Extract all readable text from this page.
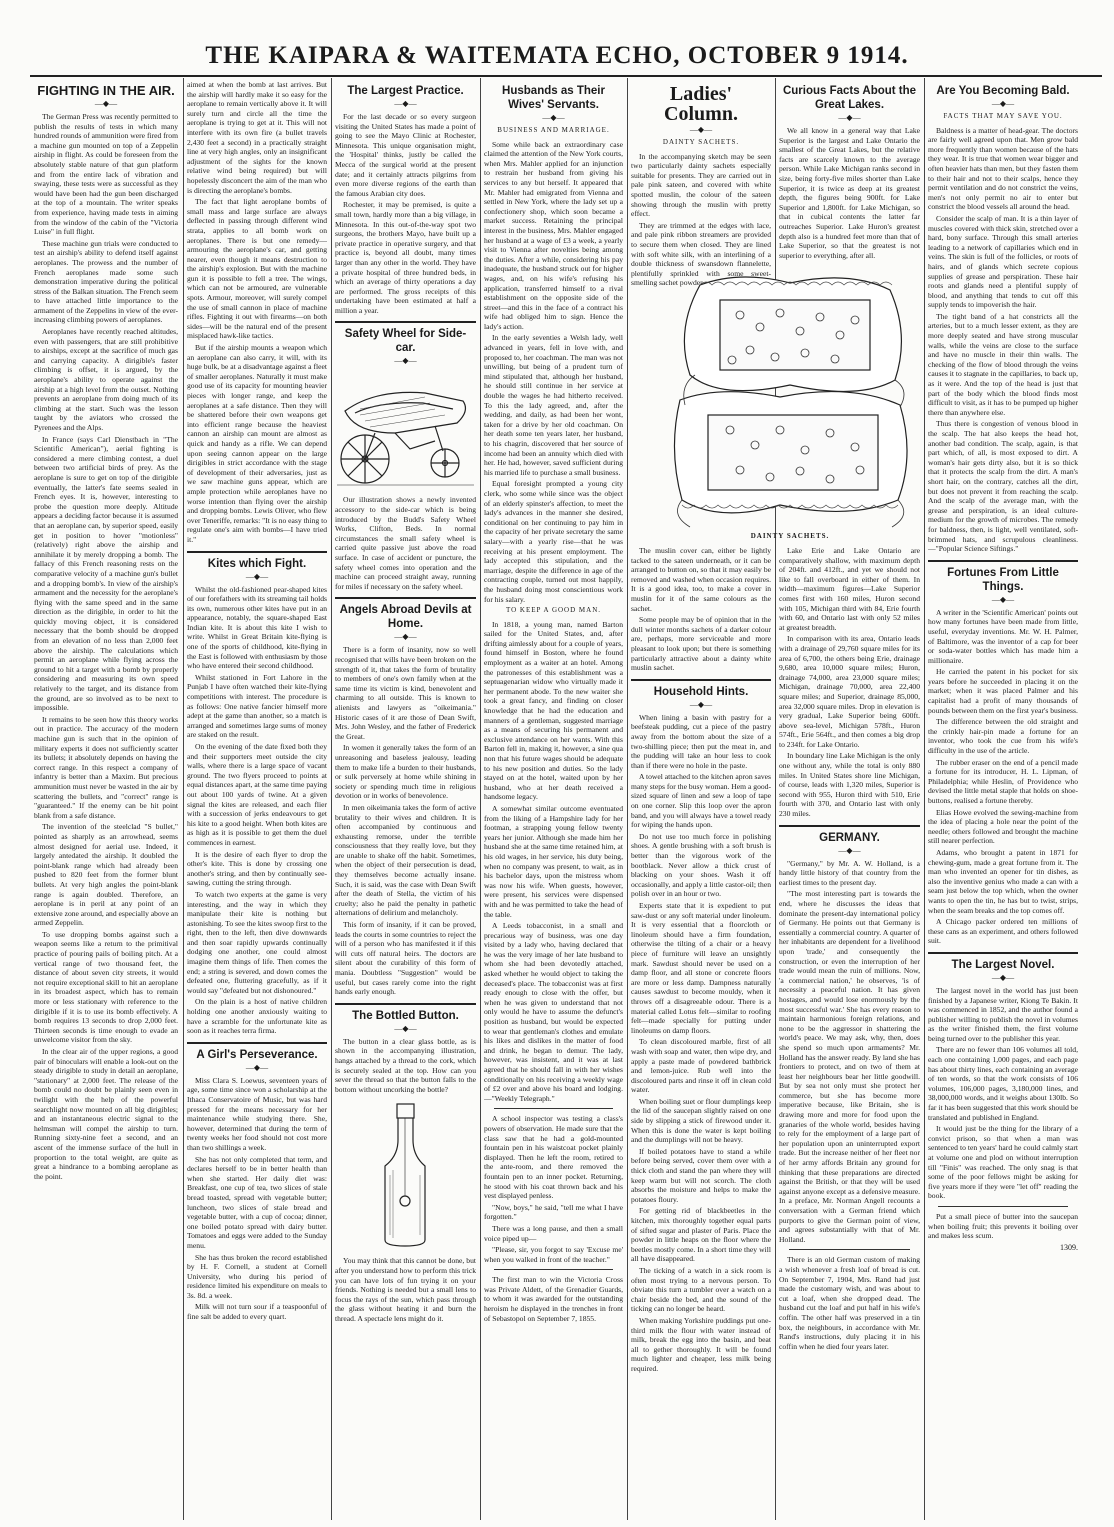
THE KAIPARA & WAITEMATA ECHO, OCTOBER 9 1914.
FIGHTING IN THE AIR.
—◆—

The German Press was recently permitted to publish the results of tests in which many hundred rounds of ammunition were fired from a machine gun mounted on top of a Zeppelin airship in flight. As could be foreseen from the absolutely stable nature of that gun platform and from the entire lack of vibration and swaying, these tests were as successful as they would have been had the gun been discharged at the top of a mountain. The writer speaks from experience, having made tests in aiming from the window of the cabin of the "Victoria Luise" in full flight.

These machine gun trials were conducted to test an airship's ability to defend itself against aeroplanes. The prowess and the number of French aeroplanes made some such demonstration imperative during the political stress of the Balkan situation. The French seem to have attached little importance to the armament of the Zeppelins in view of the ever-increasing climbing powers of aeroplanes.

Aeroplanes have recently reached altitudes, even with passengers, that are still prohibitive to airships, except at the sacrifice of much gas and carrying capacity. A dirigible's faster climbing is offset, it is argued, by the aeroplane's ability to operate against the airship at a high level from the outset. Nothing prevents an aeroplane from doing much of its climbing at the start. Such was the lesson taught by the aviators who crossed the Pyrenees and the Alps.

In France (says Carl Dienstbach in "The Scientific American"), aerial fighting is considered a mere climbing contest, a duel between two artificial birds of prey. As the aeroplane is sure to get on top of the dirigible eventually, the latter's fate seems sealed in French eyes. It is, however, interesting to probe the question more deeply. Altitude appears a deciding factor because it is assumed that an aeroplane can, by superior speed, easily get in position to hover "motionless" (relatively) right above the airship and annihilate it by merely dropping a bomb. The fallacy of this French reasoning rests on the comparative velocity of a machine gun's bullet and a dropping bomb's. In view of the airship's armament and the necessity for the aeroplane's flying with the same speed and in the same direction as the dirigible, in order to hit the quickly moving object, it is considered necessary that the bomb should be dropped from an elevation of no less than 2,000 feet above the airship. The calculations which permit an aeroplane while flying across the ground to hit a target with a bomb by properly considering and measuring its own speed relatively to the target, and its distance from the ground, are so involved as to be next to impossible.

It remains to be seen how this theory works out in practice. The accuracy of the modern machine gun is such that in the opinion of military experts it does not sufficiently scatter its bullets; it absolutely depends on having the correct range. In this respect a company of infantry is better than a Maxim. But precious ammunition must never be wasted in the air by scattering the bullets, and "correct" range is "guaranteed." If the enemy can be hit point blank from a safe distance.

The invention of the steelclad "S bullet," pointed as sharply as an arrowhead, seems almost designed for aerial use. Indeed, it largely antedated the airship. It doubled the point-blank range which had already been pushed to 820 feet from the former blunt bullets. At very high angles the point-blank range is again doubled. Therefore, an aeroplane is in peril at any point of an extensive zone around, and especially above an armed Zeppelin.

To use dropping bombs against such a weapon seems like a return to the primitival practice of pouring pails of boiling pitch. At a vertical range of two thousand feet, the distance of about seven city streets, it would not require exceptional skill to hit an aeroplane in its broadest aspect, which has to remain more or less stationary with reference to the dirigible if it is to use its bomb effectively. A bomb requires 13 seconds to drop 2,000 feet. Thirteen seconds is time enough to evade an unwelcome visitor from the sky.

In the clear air of the upper regions, a good pair of binoculars will enable a look-out on the steady dirigible to study in detail an aeroplane, "stationary" at 2,000 feet. The release of the bomb could no doubt be plainly seen even in twilight with the help of the powerful searchlight now mounted on all big dirigibles; and an instantaneous electric signal to the helmsman will compel the airship to turn. Running sixty-nine feet a second, and an ascent of the immense surface of the hull in proportion to the total weight, are quite as great a hindrance to a bombing aeroplane as the point.

aimed at when the bomb at last arrives. But the airship will hardly make it so easy for the aeroplane to remain vertically above it. It will surely turn and circle all the time the aeroplane is trying to get at it. This will not interfere with its own fire (a bullet travels 2,430 feet a second) in a practically straight line at very high angles, only an insignificant adjustment of the sights for the known relative wind being required) but will hopelessly disconcert the aim of the man who is directing the aeroplane's bombs.

The fact that light aeroplane bombs of small mass and large surface are always deflected in passing through different wind strata, applies to all bomb work on aeroplanes. There is but one remedy—armouring the aeroplane's car, and getting nearer, even though it means destruction to the airship's explosion. But with the machine gun it is possible to fell a tree. The wings, which can not be armoured, are vulnerable spots. Armour, moreover, will surely compel the use of small cannon in place of machine rifles. Fighting it out with firearms—on both sides—will be the natural end of the present misplaced hawk-like tactics.

But if the airship mounts a weapon which an aeroplane can also carry, it will, with its huge bulk, be at a disadvantage against a fleet of smaller aeroplanes. Naturally it must make good use of its capacity for mounting heavier pieces with longer range, and keep the aeroplanes at a safe distance. Then they will be shattered before their own weapons get into efficient range because the heaviest cannon an airship can mount are almost as quick and handy as a rifle. We can depend upon seeing cannon appear on the large dirigibles in strict accordance with the stage of development of their adversaries, just as we saw machine guns appear, which are ample protection while aeroplanes have no worse intention than flying over the airship and dropping bombs. Lewis Oliver, who flew over Teneriffe, remarks: "It is no easy thing to regulate one's aim with bombs—I have tried it."

Kites which Fight.
—◆—

Whilst the old-fashioned pear-shaped kites of our forefathers with its streaming tail holds its own, numerous other kites have put in an appearance, notably, the square-shaped East Indian kite. It is about this kite I wish to write. Whilst in Great Britain kite-flying is one of the sports of childhood, kite-flying in the East is followed with enthusiasm by those who have entered their second childhood.

Whilst stationed in Fort Lahore in the Punjab I have often watched their kite-flying competitions with interest. The procedure is as follows: One native fancier himself more adept at the game than another, so a match is arranged and sometimes large sums of money are staked on the result.

On the evening of the date fixed both they and their supporters meet outside the city walls, where there is a large space of vacant ground. The two flyers proceed to points at equal distances apart, at the same time paying out about 100 yards of twine. At a given signal the kites are released, and each flier with a succession of jerks endeavours to get his kite to a good height. When both kites are as high as it is possible to get them the duel commences in earnest.

It is the desire of each flyer to drop the other's kite. This is done by crossing one another's string, and then by continually see-sawing, cutting the string through.

To watch two experts at the game is very interesting, and the way in which they manipulate their kite is nothing but astonishing. To see the kites swoop first to the right, then to the left, then dive downwards and then soar rapidly upwards continually dodging one another, one could almost imagine them things of life. Then comes the end; a string is severed, and down comes the defeated one, fluttering gracefully, as if it would say "defeated but not dishonoured."

On the plain is a host of native children holding one another anxiously waiting to have a scramble for the unfortunate kite as soon as it reaches terra firma.

A Girl's Perseverance.
—◆—

Miss Clara S. Loewus, seventeen years of age, some time since won a scholarship at the Ithaca Conservatoire of Music, but was hard pressed for the means necessary for her maintenance while studying there. She, however, determined that during the term of twenty weeks her food should not cost more than two shillings a week.

She has not only completed that term, and declares herself to be in better health than when she started. Her daily diet was: Breakfast, one cup of tea, two slices of stale bread toasted, spread with vegetable butter; luncheon, two slices of stale bread and vegetable butter, with a cup of cocoa; dinner, one boiled potato spread with dairy butter. Tomatoes and eggs were added to the Sunday menu.

She has thus broken the record established by H. F. Cornell, a student at Cornell University, who during his period of residence limited his expenditure on meals to 3s. 8d. a week.

Milk will not turn sour if a teaspoonful of fine salt be added to every quart.

The Largest Practice.
—◆—

For the last decade or so every surgeon visiting the United States has made a point of going to see the Mayo Clinic at Rochester, Minnesota. This unique organisation might, the 'Hospital' thinks, justly be called the Mecca of the surgical world at the present date; and it certainly attracts pilgrims from even more diverse regions of the earth than the famous Arabian city does.

Rochester, it may be premised, is quite a small town, hardly more than a big village, in Minnesota. In this out-of-the-way spot two surgeons, the brothers Mayo, have built up a private practice in operative surgery, and that practice is, beyond all doubt, many times larger than any other in the world. They have a private hospital of three hundred beds, in which an average of thirty operations a day are performed. The gross receipts of this undertaking have been estimated at half a million a year.

Safety Wheel for Side-car.
—◆—

Our illustration shows a newly invented accessory to the side-car which is being introduced by the Budd's Safety Wheel Works, Clifton, Beds. In normal circumstances the small safety wheel is carried quite passive just above the road surface. In case of accident or puncture, the safety wheel comes into operation and the machine can proceed straight away, running for miles if necessary on the safety wheel.

Angels Abroad Devils at Home.
—◆—

There is a form of insanity, now so well recognised that wills have been broken on the strength of it, that takes the form of brutality to members of one's own family when at the same time its victim is kind, benevolent and charming to all outside. This is known to alienists and lawyers as "oikeimania." Historic cases of it are those of Dean Swift, Mrs. John Wesley, and the father of Frederick the Great.

In women it generally takes the form of an unreasoning and baseless jealousy, leading them to make life a burden to their husbands, or sulk perversely at home while shining in society or spending much time in religious devotion or in works of benevolence.

In men oikeimania takes the form of active brutality to their wives and children. It is often accompanied by continuous and exhausting remorse, under the terrible consciousness that they really love, but they are unable to shake off the habit. Sometimes, when the object of their persecution is dead, they themselves become actually insane. Such, it is said, was the case with Dean Swift after the death of Stella, the victim of his cruelty; also he paid the penalty in pathetic alternations of delirium and melancholy.

This form of insanity, if it can be proved, leads the courts in some countries to reject the will of a person who has manifested it if this will cuts off natural heirs. The doctors are silent about the curability of this form of mania. Doubtless "Suggestion" would be useful, but cases rarely come into the right hands early enough.

The Bottled Button.
—◆—

The button in a clear glass bottle, as is shown in the accompanying illustration, hangs attached by a thread to the cork, which is securely sealed at the top. How can you sever the thread so that the button falls to the bottom without uncorking the bottle?

You may think that this cannot be done, but after you understand how to perform this trick you can have lots of fun trying it on your friends. Nothing is needed but a small lens to focus the rays of the sun, which pass through the glass without heating it and burn the thread. A spectacle lens might do it.

Husbands as Their Wives' Servants.
—◆—
BUSINESS AND MARRIAGE.

Some while back an extraordinary case claimed the attention of the New York courts, when Mrs. Mahler applied for an injunction to restrain her husband from giving his services to any but herself. It appeared that Mr. Mahler had emigrated from Vienna and settled in New York, where the lady set up a confectionery shop, which soon became a market success. Retaining the principal interest in the business, Mrs. Mahler engaged her husband at a wage of £3 a week, a yearly visit to Vienna after novelties being among the duties. After a while, considering his pay inadequate, the husband struck out for higher wages, and, on his wife's refusing his application, transferred himself to a rival establishment on the opposite side of the street—and this in the face of a contract his wife had obliged him to sign. Hence the lady's action.

In the early seventies a Welsh lady, well advanced in years, fell in love with, and proposed to, her coachman. The man was not unwilling, but being of a prudent turn of mind stipulated that, although her husband, he should still continue in her service at double the wages he had hitherto received. To this the lady agreed, and, after the wedding, and daily, as had been her wont, taken for a drive by her old coachman. On her death some ten years later, her husband, to his chagrin, discovered that her source of income had been an annuity which died with her. He had, however, saved sufficient during his married life to purchase a small business.

Equal foresight prompted a young city clerk, who some while since was the object of an elderly spinster's affection, to meet the lady's advances in the manner she desired, conditional on her continuing to pay him in the capacity of her private secretary the same salary—with a yearly rise—that he was receiving at his present employment. The lady accepted this stipulation, and the marriage, despite the difference in age of the contracting couple, turned out most happily, the husband doing most conscientious work for his salary.

TO KEEP A GOOD MAN.

In 1818, a young man, named Barton sailed for the United States, and, after drifting aimlessly about for a couple of years, found himself in Boston, where he found employment as a waiter at an hotel. Among the patronesses of this establishment was a septuagenarian widow who virtually made it her permanent abode. To the new waiter she took a great fancy, and finding on closer knowledge that he had the education and manners of a gentleman, suggested marriage as a means of securing his permanent and exclusive attendance on her wants. With this Barton fell in, making it, however, a sine qua non that his future wages should be adequate to his new position and duties. So the lady stayed on at the hotel, waited upon by her husband, who at her death received a handsome legacy.

A somewhat similar outcome eventuated from the liking of a Hampshire lady for her footman, a strapping young fellow twenty years her junior. Although she made him her husband she at the same time retained him, at his old wages, in her service, his duty being, when no company was present, to wait, as in his bachelor days, upon the mistress whom was now his wife. When guests, however, were present, his services were dispensed with and he was permitted to take the head of the table.

A Leeds tobacconist, in a small and precarious way of business, was one day visited by a lady who, having declared that he was the very image of her late husband to whom she had been devotedly attached, asked whether he would object to taking the deceased's place. The tobacconist was at first ready enough to close with the offer, but when he was given to understand that not only would he have to assume the defunct's position as husband, but would be expected to wear that gentleman's clothes and emulate his likes and dislikes in the matter of food and drink, he began to demur. The lady, however, was insistent, and it was at last agreed that he should fall in with her wishes conditionally on his receiving a weekly wage of £2 over and above his board and lodging.—"Weekly Telegraph."

A school inspector was testing a class's powers of observation. He made sure that the class saw that he had a gold-mounted fountain pen in his waistcoat pocket plainly displayed. Then he left the room, retired to the ante-room, and there removed the fountain pen to an inner pocket. Returning, he stood with his coat thrown back and his vest displayed penless.

"Now, boys," he said, "tell me what I have forgotten."

There was a long pause, and then a small voice piped up—

"Please, sir, you forgot to say 'Excuse me' when you walked in front of the teacher."

The first man to win the Victoria Cross was Private Aldett, of the Grenadier Guards, to whom it was awarded for the outstanding heroism he displayed in the trenches in front of Sebastopol on September 7, 1855.

Ladies' Column.
—◆—
DAINTY SACHETS.

In the accompanying sketch may be seen two particularly dainty sachets especially suitable for presents. They are carried out in pale pink sateen, and covered with white spotted muslin, the colour of the sateen showing through the muslin with pretty effect.

They are trimmed at the edges with lace, and pale pink ribbon streamers are provided to secure them when closed. They are lined with soft white silk, with an interlining of a double thickness of swansdown flannelette, plentifully sprinkled with some sweet-smelling sachet powder.

DAINTY SACHETS.

The muslin cover can, either be lightly tacked to the sateen underneath, or it can be arranged to button on, so that it may easily be removed and washed when occasion requires. It is a good idea, too, to make a cover in muslin for it of the same colours as the sachet.

Some people may be of opinion that in the dull winter months sachets of a darker colour are, perhaps, more serviceable and more pleasant to look upon; but there is something particularly attractive about a dainty white muslin sachet.

Household Hints.
—◆—

When lining a basin with pastry for a beefsteak pudding, cut a piece of the pastry away from the bottom about the size of a two-shilling piece; then put the meat in, and the pudding will take an hour less to cook than if there were no hole in the paste.

A towel attached to the kitchen apron saves many steps for the busy woman. Hem a good-sized square of linen and sew a loop of tape on one corner. Slip this loop over the apron band, and you will always have a towel ready for wiping the hands upon.

Do not use too much force in polishing shoes. A gentle brushing with a soft brush is better than the vigorous work of the bootblack. Never allow a thick crust of blacking on your shoes. Wash it off occasionally, and apply a little castor-oil; then polish over in an hour or two.

Experts state that it is expedient to put saw-dust or any soft material under linoleum. It is very essential that a floorcloth or linoleum should have a firm foundation, otherwise the tilting of a chair or a heavy piece of furniture will leave an unsightly mark. Sawdust should never be used on a damp floor, and all stone or concrete floors are more or less damp. Dampness naturally causes sawdust to become mouldy, when it throws off a disagreeable odour. There is a material called Lotus felt—similar to roofing felt—made specially for putting under linoleums on damp floors.

To clean discoloured marble, first of all wash with soap and water, then wipe dry, and apply a paste made of powdered bathbrick and lemon-juice. Rub well into the discoloured parts and rinse it off in clean cold water.

When boiling suet or flour dumplings keep the lid of the saucepan slightly raised on one side by slipping a stick of firewood under it. When this is done the water is kept boiling and the dumplings will not be heavy.

If boiled potatoes have to stand a while before being served, cover them over with a thick cloth and stand the pan where they will keep warm but will not scorch. The cloth absorbs the moisture and helps to make the potatoes floury.

For getting rid of blackbeetles in the kitchen, mix thoroughly together equal parts of sifted sugar and plaster of Paris. Place the powder in little heaps on the floor where the beetles mostly come. In a short time they will all have disappeared.

The ticking of a watch in a sick room is often most trying to a nervous person. To obviate this turn a tumbler over a watch on a chair beside the bed, and the sound of the ticking can no longer be heard.

When making Yorkshire puddings put one-third milk the flour with water instead of milk, break the egg into the basin, and beat all to gether thoroughly. It will be found much lighter and cheaper, less milk being required.

Curious Facts About the Great Lakes.
—◆—

We all know in a general way that Lake Superior is the largest and Lake Ontario the smallest of the Great Lakes, but the relative facts are scarcely known to the average person. While Lake Michigan ranks second in size, being forty-five miles shorter than Lake Superior, it is twice as deep at its greatest depth, the figures being 900ft. for Lake Superior and 1,800ft. for Lake Michigan, so that in cubical contents the latter far outreaches Superior. Lake Huron's greatest depth also is a hundred feet more than that of Lake Superior, so that the greatest is not superior to everything, after all.

Lake Erie and Lake Ontario are comparatively shallow, with maximum depth of 204ft. and 412ft., and yet we should not like to fall overboard in either of them. In width—maximum figures—Lake Superior comes first with 160 miles, Huron second with 105, Michigan third with 84, Erie fourth with 60, and Ontario last with only 52 miles at greatest breadth.

In comparison with its area, Ontario leads with a drainage of 29,760 square miles for its area of 6,700, the others being Erie, drainage 9,680, area 10,000 square miles; Huron, drainage 74,000, area 23,000 square miles; Michigan, drainage 70,000, area 22,400 square miles; and Superior, drainage 85,000, area 32,000 square miles. Drop in elevation is very gradual, Lake Superior being 600ft. above sea-level, Michigan 578ft., Huron 574ft., Erie 564ft., and then comes a big drop to 234ft. for Lake Ontario.

In boundary line Lake Michigan is the only one without any, while the total is only 880 miles. In United States shore line Michigan, of course, leads with 1,320 miles, Superior is second with 955, Huron third with 510, Erie fourth with 370, and Ontario last with only 230 miles.

GERMANY.
—◆—

"Germany," by Mr. A. W. Holland, is a handy little history of that country from the earliest times to the present day.

"The most interesting part is towards the end, where he discusses the ideas that dominate the present-day international policy of Germany. He points out that Germany is essentially a commercial country. A quarter of her inhabitants are dependent for a livelihood upon 'trade,' and consequently the construction, or even the interruption of her trade would mean the ruin of millions. Now, 'a commercial nation,' he observes, 'is of necessity a peaceful nation. It has given hostages, and would lose enormously by the most successful war.' She has every reason to maintain harmonious foreign relations, and none to be the aggressor in shattering the world's peace. We may ask, why, then, does she spend so much upon armaments? Mr. Holland has the answer ready. By land she has frontiers to protect, and on two of them at least her neighbours bear her little goodwill. But by sea not only must she protect her commerce, but she has become more imperative because, like Britain, she is drawing more and more for food upon the granaries of the whole world, besides having to rely for the employment of a large part of her population upon an uninterrupted export trade. But the increase neither of her fleet nor of her army affords Britain any ground for thinking that these preparations are directed against the British, or that they will be used against anyone except as a defensive measure. In a preface, Mr. Norman Angell recounts a conversation with a German friend which purports to give the German point of view, and agrees substantially with that of Mr. Holland.

There is an old German custom of making a wish whenever a fresh loaf of bread is cut. On September 7, 1904, Mrs. Rand had just made the customary wish, and was about to cut a loaf, when she dropped dead. The husband cut the loaf and put half in his wife's coffin. The other half was preserved in a tin box, the neighbours, in accordance with Mr. Rand's instructions, duly placing it in his coffin when he died four years later.

Are You Becoming Bald.
—◆—
FACTS THAT MAY SAVE YOU.

Baldness is a matter of head-gear. The doctors are fairly well agreed upon that. Men grow bald more frequently than women because of the hats they wear. It is true that women wear bigger and often heavier hats than men, but they fasten them to their hair and not to their scalps, hence they permit ventilation and do not constrict the veins, men's not only permit no air to enter but constrict the blood vessels all around the head.

Consider the scalp of man. It is a thin layer of muscles covered with thick skin, stretched over a hard, bony surface. Through this small arteries leading to a network of capillaries which end in veins. The skin is full of the follicles, or roots of hairs, and of glands which secrete copious supplies of grease and perspiration. These hair roots and glands need a plentiful supply of blood, and anything that tends to cut off this supply tends to impoverish the hair.

The tight band of a hat constricts all the arteries, but to a much lesser extent, as they are more deeply seated and have strong muscular walls, while the veins are close to the surface and have no muscle in their thin walls. The checking of the flow of blood through the veins causes it to stagnate in the capillaries, to back up, as it were. And the top of the head is just that part of the body which the blood finds most difficult to visit, as it has to be pumped up higher there than anywhere else.

Thus there is congestion of venous blood in the scalp. The hat also keeps the head hot, another bad condition. The scalp, again, is that part which, of all, is most exposed to dirt. A woman's hair gets dirty also, but it is so thick that it protects the scalp from the dirt. A man's short hair, on the contrary, catches all the dirt, but does not prevent it from reaching the scalp. And the scalp of the average man, with the grease and perspiration, is an ideal culture-medium for the growth of microbes. The remedy for baldness, then, is light, well ventilated, soft-brimmed hats, and scrupulous cleanliness.—"Popular Science Siftings."

Fortunes From Little Things.
—◆—

A writer in the 'Scientific American' points out how many fortunes have been made from little, useful, everyday inventions. Mr. W. H. Palmer, of Baltimore, was the inventor of a cap for beer or soda-water bottles which has made him a millionaire.

He carried the patent in his pocket for six years before he succeeded in placing it on the market; when it was placed Palmer and his capitalist had a profit of many thousands of pounds between them on the first year's business.

The difference between the old straight and the crinkly hair-pin made a fortune for an inventor, who took the cue from his wife's difficulty in the use of the article.

The rubber eraser on the end of a pencil made a fortune for its introducer, H. L. Lipman, of Philadelphia; while Heslin, of Providence who devised the little metal staple that holds on shoe-buttons, realised a fortune thereby.

Elias Howe evolved the sewing-machine from the idea of placing a hole near the point of the needle; others followed and brought the machine still nearer perfection.

Adams, who brought a patent in 1871 for chewing-gum, made a great fortune from it. The man who invented an opener for tin dishes, as also the inventive genius who made a can with a seam just below the top which, when the owner wants to open the tin, he has but to twist, strips, when the seam breaks and the top comes off.

A Chicago packer ordered ten millions of these cans as an experiment, and others followed suit.

The Largest Novel.
—◆—

The largest novel in the world has just been finished by a Japanese writer, Kiong Te Bakin. It was commenced in 1852, and the author found a publisher willing to publish the novel in volumes as the writer finished them, the first volume being turned over to the publisher this year.

There are no fewer than 106 volumes all told, each one containing 1,000 pages, and each page has about thirty lines, each containing an average of ten words, so that the work consists of 106 volumes, 106,000 pages, 3,180,000 lines, and 38,000,000 words, and it weighs about 130lb. So far it has been suggested that this work should be translated and published in England.

It would just be the thing for the library of a convict prison, so that when a man was sentenced to ten years' hard he could calmly start at volume one and plod on without interruption till "Finis" was reached. The only snag is that some of the poor fellows might be asking for five years more if they were "let off" reading the book.

Put a small piece of butter into the saucepan when boiling fruit; this prevents it boiling over and makes less scum.

1309.
